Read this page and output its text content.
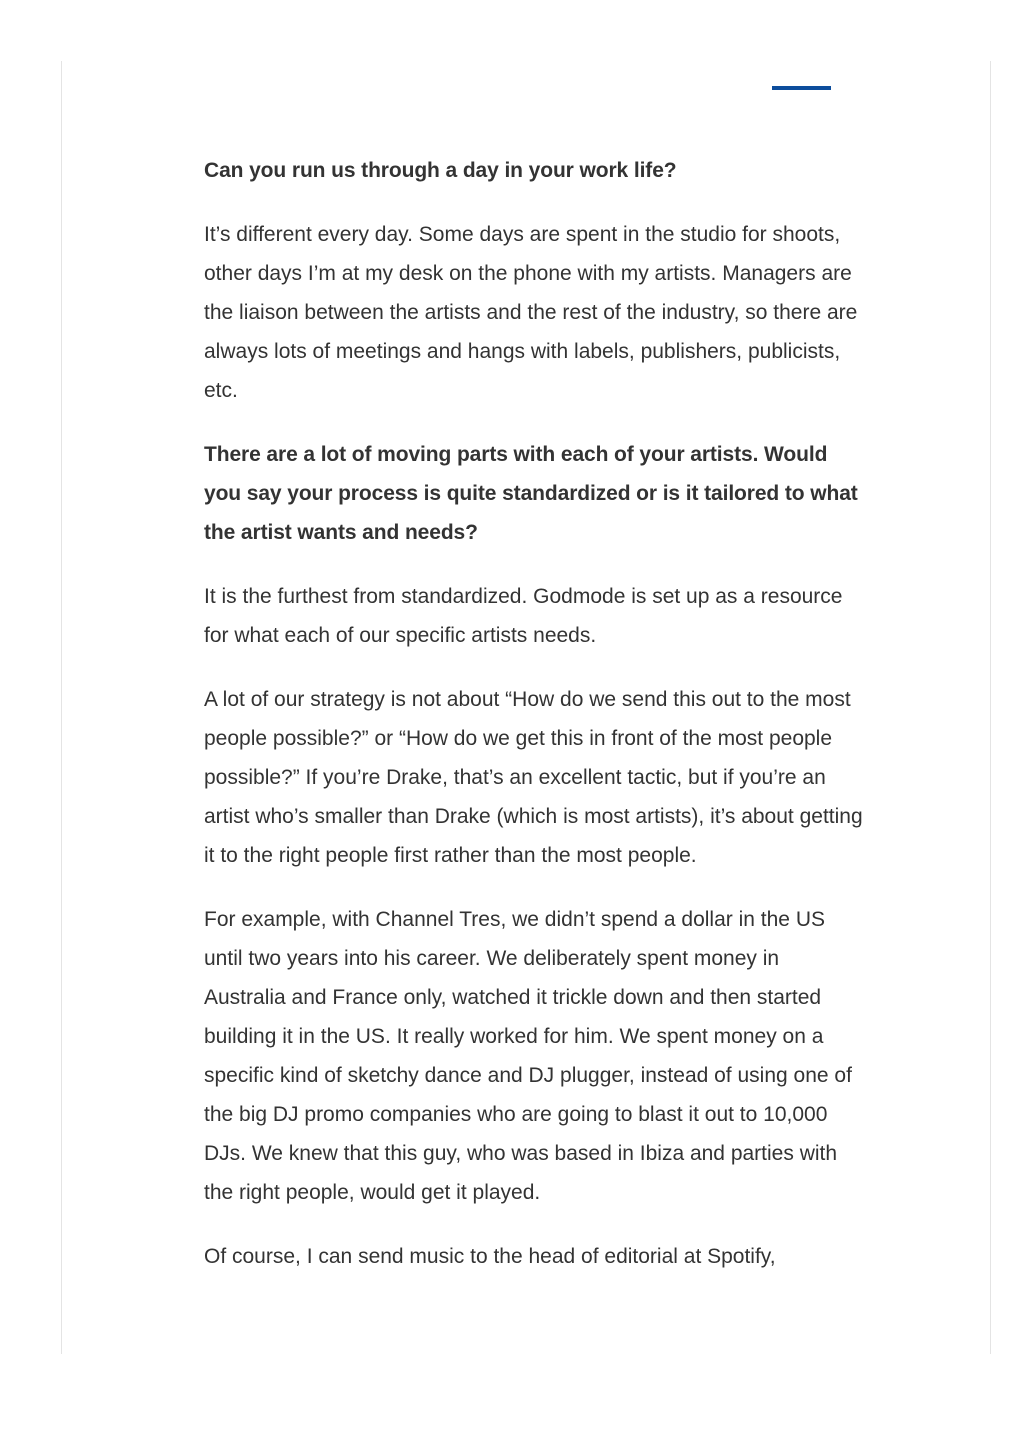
Can you run us through a day in your work life?

It’s different every day. Some days are spent in the studio for shoots, other days I’m at my desk on the phone with my artists. Managers are the liaison between the artists and the rest of the industry, so there are always lots of meetings and hangs with labels, publishers, publicists, etc.

There are a lot of moving parts with each of your artists. Would you say your process is quite standardized or is it tailored to what the artist wants and needs?

It is the furthest from standardized. Godmode is set up as a resource for what each of our specific artists needs.

A lot of our strategy is not about “How do we send this out to the most people possible?” or “How do we get this in front of the most people possible?” If you’re Drake, that’s an excellent tactic, but if you’re an artist who’s smaller than Drake (which is most artists), it’s about getting it to the right people first rather than the most people.

For example, with Channel Tres, we didn’t spend a dollar in the US until two years into his career. We deliberately spent money in Australia and France only, watched it trickle down and then started building it in the US. It really worked for him. We spent money on a specific kind of sketchy dance and DJ plugger, instead of using one of the big DJ promo companies who are going to blast it out to 10,000 DJs. We knew that this guy, who was based in Ibiza and parties with the right people, would get it played.

Of course, I can send music to the head of editorial at Spotify,
